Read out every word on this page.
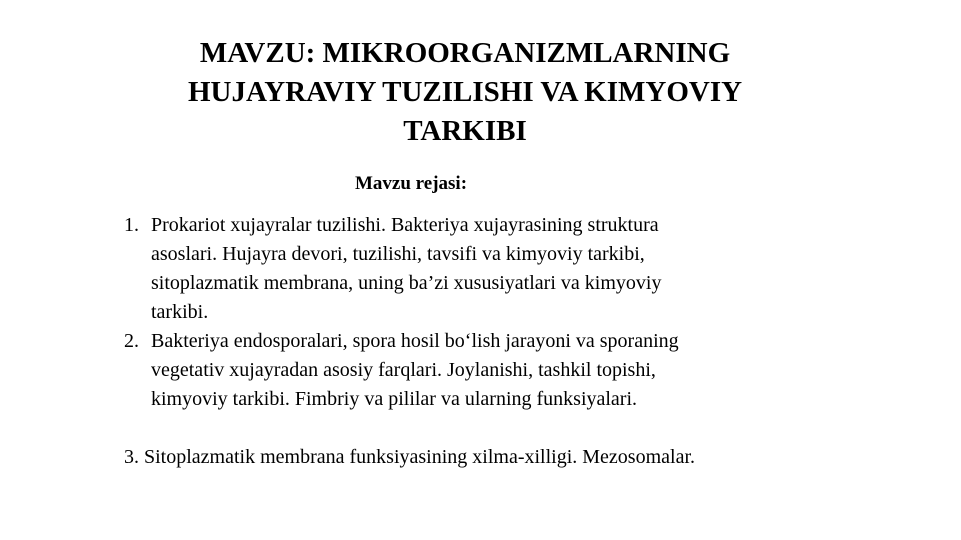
MAVZU: MIKROORGANIZMLARNING
HUJAYRAVIY TUZILISHI VA KIMYOVIY
TARKIBI
Mavzu rejasi:
1. Prokariot xujayralar tuzilishi. Bakteriya xujayrasining struktura
asoslari. Hujayra devori, tuzilishi, tavsifi va kimyoviy tarkibi,
sitoplazmatik membrana, uning ba’zi xususiyatlari va kimyoviy
tarkibi.
2. Bakteriya endosporalari, spora hosil bo‘lish jarayoni va sporaning
vegetativ xujayradan asosiy farqlari. Joylanishi, tashkil topishi,
kimyoviy tarkibi. Fimbriy va pililar va ularning funksiyalari.
3. Sitoplazmatik membrana funksiyasining xilma-xilligi. Mezosomalar.
